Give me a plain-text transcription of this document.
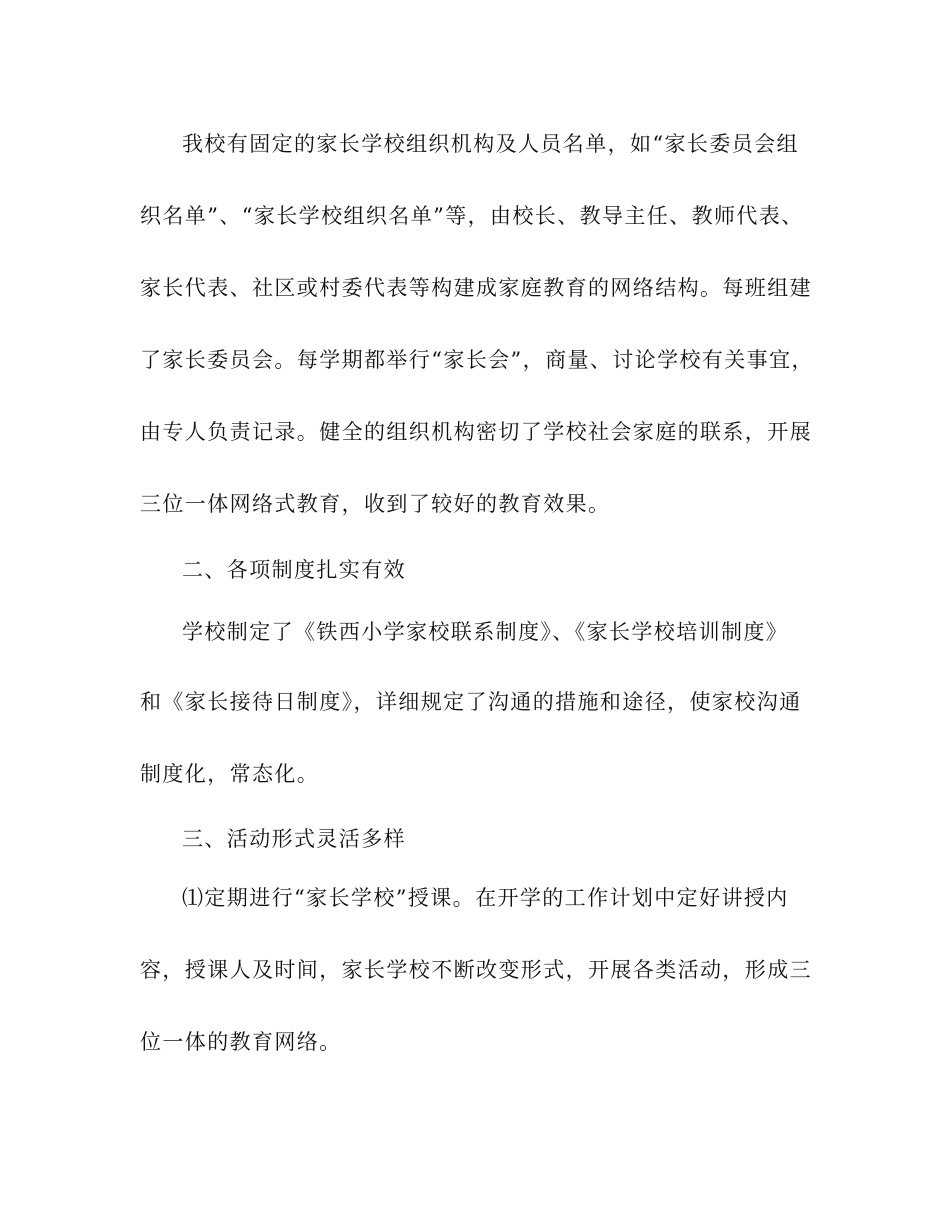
我校有固定的家长学校组织机构及人员名单，如“家长委员会组
织名单”、“家长学校组织名单”等，由校长、教导主任、教师代表、
家长代表、社区或村委代表等构建成家庭教育的网络结构。每班组建
了家长委员会。每学期都举行“家长会”，商量、讨论学校有关事宜，
由专人负责记录。健全的组织机构密切了学校社会家庭的联系，开展
三位一体网络式教育，收到了较好的教育效果。
二、各项制度扎实有效
学校制定了《铁西小学家校联系制度》、《家长学校培训制度》
和《家长接待日制度》，详细规定了沟通的措施和途径，使家校沟通
制度化，常态化。
三、活动形式灵活多样
⑴定期进行“家长学校”授课。在开学的工作计划中定好讲授内
容，授课人及时间，家长学校不断改变形式，开展各类活动，形成三
位一体的教育网络。
